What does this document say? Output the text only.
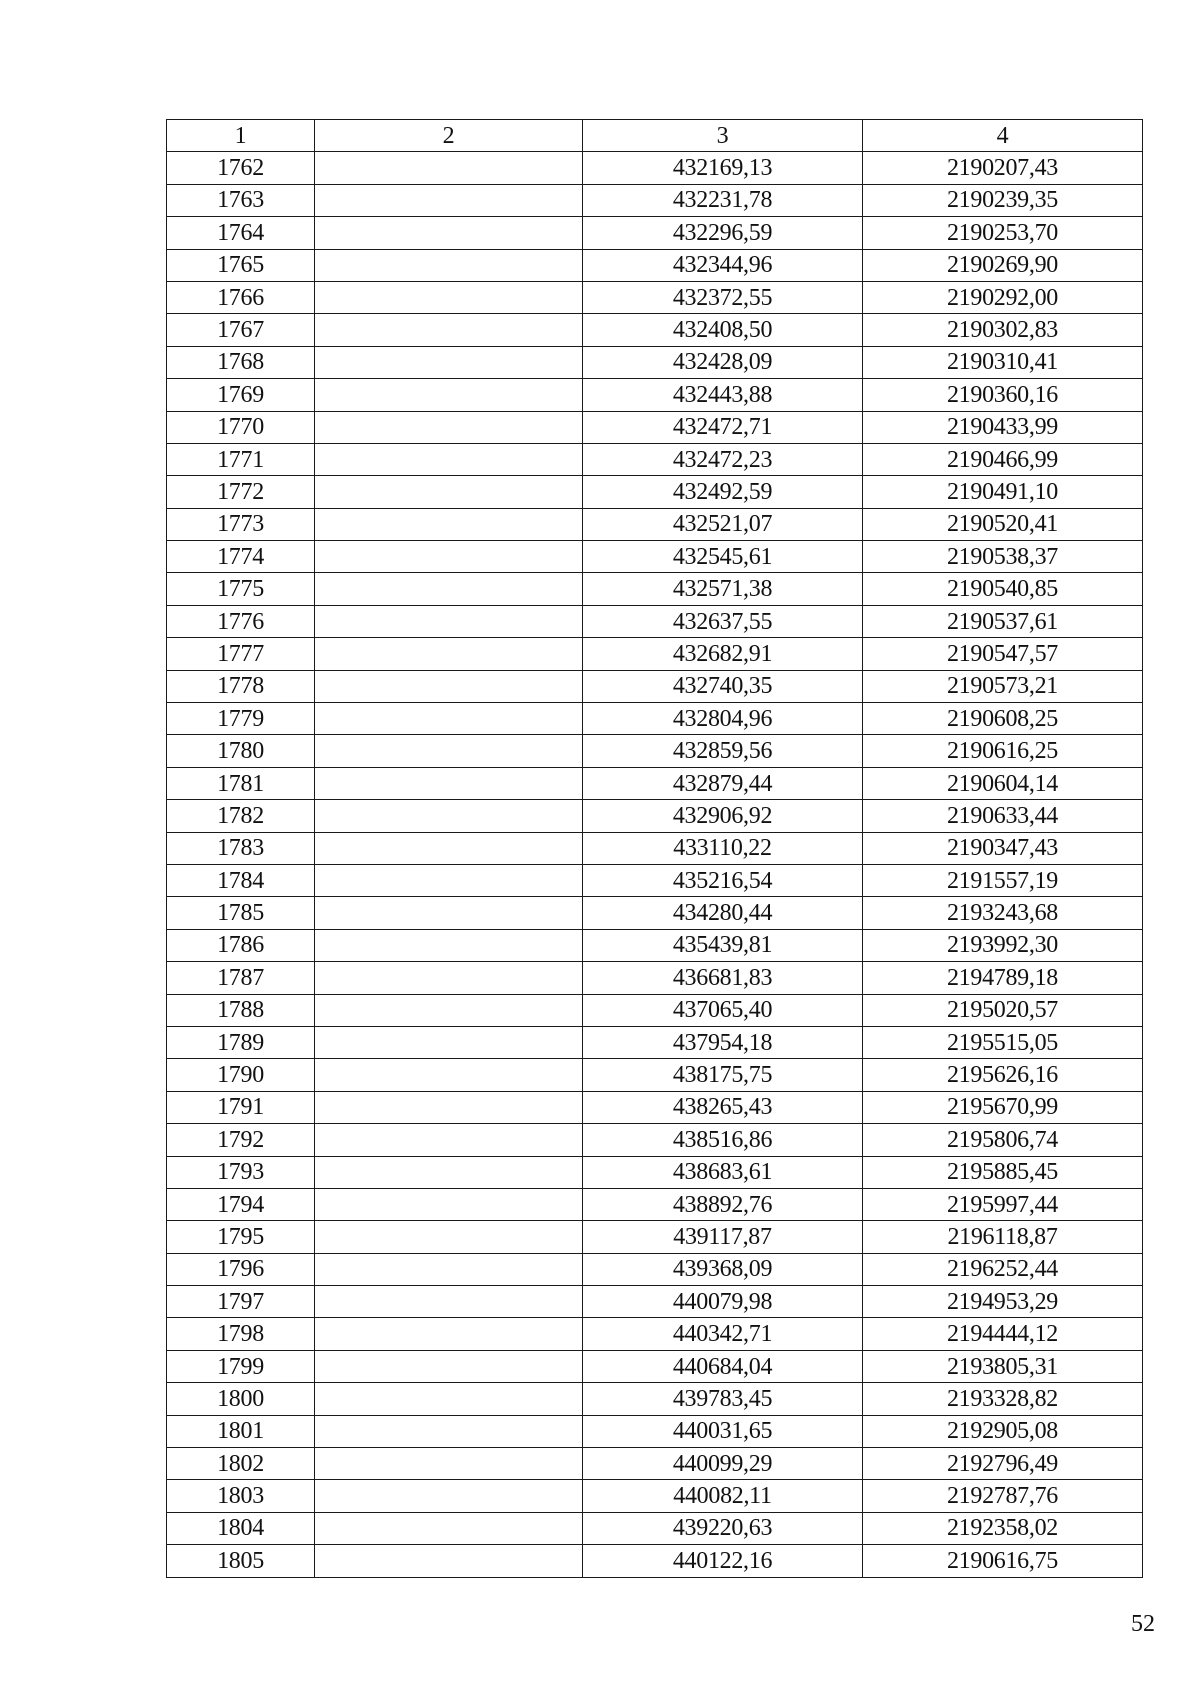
1	2	3	4
1762		432169,13	2190207,43
1763		432231,78	2190239,35
1764		432296,59	2190253,70
1765		432344,96	2190269,90
1766		432372,55	2190292,00
1767		432408,50	2190302,83
1768		432428,09	2190310,41
1769		432443,88	2190360,16
1770		432472,71	2190433,99
1771		432472,23	2190466,99
1772		432492,59	2190491,10
1773		432521,07	2190520,41
1774		432545,61	2190538,37
1775		432571,38	2190540,85
1776		432637,55	2190537,61
1777		432682,91	2190547,57
1778		432740,35	2190573,21
1779		432804,96	2190608,25
1780		432859,56	2190616,25
1781		432879,44	2190604,14
1782		432906,92	2190633,44
1783		433110,22	2190347,43
1784		435216,54	2191557,19
1785		434280,44	2193243,68
1786		435439,81	2193992,30
1787		436681,83	2194789,18
1788		437065,40	2195020,57
1789		437954,18	2195515,05
1790		438175,75	2195626,16
1791		438265,43	2195670,99
1792		438516,86	2195806,74
1793		438683,61	2195885,45
1794		438892,76	2195997,44
1795		439117,87	2196118,87
1796		439368,09	2196252,44
1797		440079,98	2194953,29
1798		440342,71	2194444,12
1799		440684,04	2193805,31
1800		439783,45	2193328,82
1801		440031,65	2192905,08
1802		440099,29	2192796,49
1803		440082,11	2192787,76
1804		439220,63	2192358,02
1805		440122,16	2190616,75
52
